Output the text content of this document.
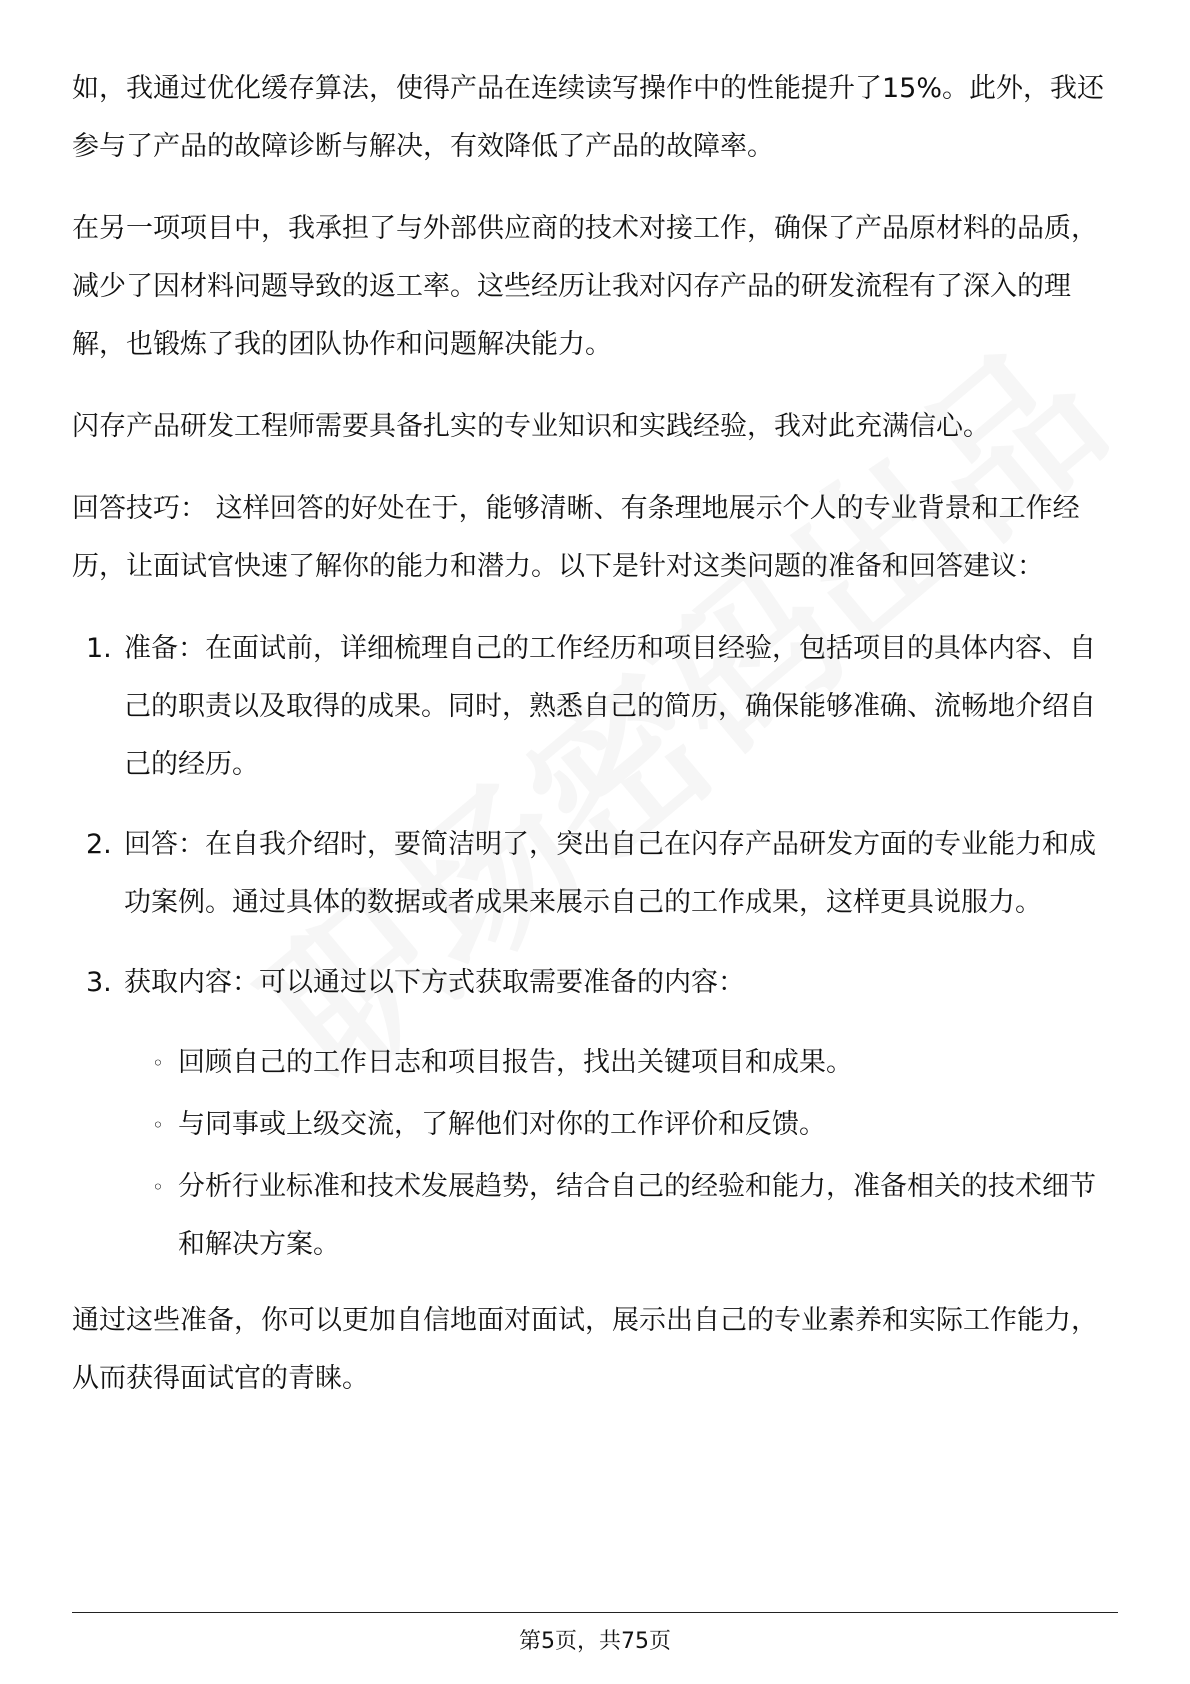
如，我通过优化缓存算法，使得产品在连续读写操作中的性能提升了15%。此外，我还参与了产品的故障诊断与解决，有效降低了产品的故障率。

在另一项项目中，我承担了与外部供应商的技术对接工作，确保了产品原材料的品质，减少了因材料问题导致的返工率。这些经历让我对闪存产品的研发流程有了深入的理解，也锻炼了我的团队协作和问题解决能力。

闪存产品研发工程师需要具备扎实的专业知识和实践经验，我对此充满信心。

回答技巧： 这样回答的好处在于，能够清晰、有条理地展示个人的专业背景和工作经历，让面试官快速了解你的能力和潜力。以下是针对这类问题的准备和回答建议：

1. 准备：在面试前，详细梳理自己的工作经历和项目经验，包括项目的具体内容、自己的职责以及取得的成果。同时，熟悉自己的简历，确保能够准确、流畅地介绍自己的经历。
2. 回答：在自我介绍时，要简洁明了，突出自己在闪存产品研发方面的专业能力和成功案例。通过具体的数据或者成果来展示自己的工作成果，这样更具说服力。
3. 获取内容：可以通过以下方式获取需要准备的内容：
◦ 回顾自己的工作日志和项目报告，找出关键项目和成果。
◦ 与同事或上级交流，了解他们对你的工作评价和反馈。
◦ 分析行业标准和技术发展趋势，结合自己的经验和能力，准备相关的技术细节和解决方案。

通过这些准备，你可以更加自信地面对面试，展示出自己的专业素养和实际工作能力，从而获得面试官的青睐。

第5页，共75页
